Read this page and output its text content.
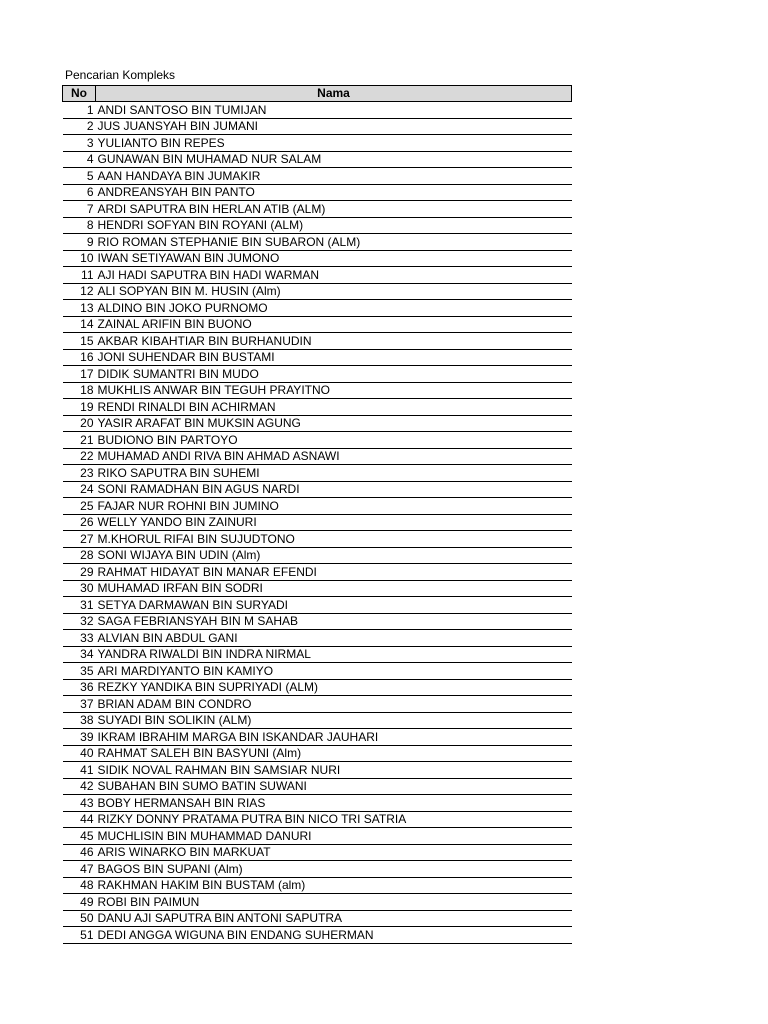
Pencarian Kompleks
No	Nama
1	ANDI SANTOSO BIN TUMIJAN
2	JUS JUANSYAH BIN JUMANI
3	YULIANTO BIN REPES
4	GUNAWAN BIN MUHAMAD NUR SALAM
5	AAN HANDAYA BIN JUMAKIR
6	ANDREANSYAH BIN PANTO
7	ARDI SAPUTRA BIN HERLAN ATIB (ALM)
8	HENDRI SOFYAN BIN ROYANI (ALM)
9	RIO ROMAN STEPHANIE BIN SUBARON (ALM)
10	IWAN SETIYAWAN BIN JUMONO
11	AJI HADI SAPUTRA BIN HADI WARMAN
12	ALI SOPYAN BIN M. HUSIN (Alm)
13	ALDINO BIN JOKO PURNOMO
14	ZAINAL ARIFIN BIN BUONO
15	AKBAR KIBAHTIAR BIN BURHANUDIN
16	JONI SUHENDAR BIN BUSTAMI
17	DIDIK SUMANTRI BIN MUDO
18	MUKHLIS ANWAR BIN TEGUH PRAYITNO
19	RENDI RINALDI BIN ACHIRMAN
20	YASIR ARAFAT BIN MUKSIN AGUNG
21	BUDIONO BIN PARTOYO
22	MUHAMAD ANDI RIVA BIN AHMAD ASNAWI
23	RIKO SAPUTRA BIN SUHEMI
24	SONI RAMADHAN BIN AGUS NARDI
25	FAJAR NUR ROHNI BIN JUMINO
26	WELLY YANDO BIN ZAINURI
27	M.KHORUL RIFAI BIN SUJUDTONO
28	SONI WIJAYA BIN UDIN (Alm)
29	RAHMAT HIDAYAT BIN MANAR EFENDI
30	MUHAMAD IRFAN BIN SODRI
31	SETYA DARMAWAN BIN SURYADI
32	SAGA FEBRIANSYAH BIN M SAHAB
33	ALVIAN BIN ABDUL GANI
34	YANDRA RIWALDI BIN INDRA NIRMAL
35	ARI MARDIYANTO BIN KAMIYO
36	REZKY YANDIKA BIN SUPRIYADI (ALM)
37	BRIAN ADAM BIN CONDRO
38	SUYADI BIN SOLIKIN (ALM)
39	IKRAM IBRAHIM MARGA BIN ISKANDAR JAUHARI
40	RAHMAT SALEH BIN BASYUNI (Alm)
41	SIDIK NOVAL RAHMAN BIN SAMSIAR NURI
42	SUBAHAN BIN SUMO BATIN SUWANI
43	BOBY HERMANSAH BIN RIAS
44	RIZKY DONNY PRATAMA PUTRA BIN NICO TRI SATRIA
45	MUCHLISIN BIN MUHAMMAD DANURI
46	ARIS WINARKO BIN MARKUAT
47	BAGOS BIN SUPANI (Alm)
48	RAKHMAN HAKIM BIN BUSTAM (alm)
49	ROBI BIN PAIMUN
50	DANU AJI SAPUTRA BIN ANTONI SAPUTRA
51	DEDI ANGGA WIGUNA BIN ENDANG SUHERMAN
